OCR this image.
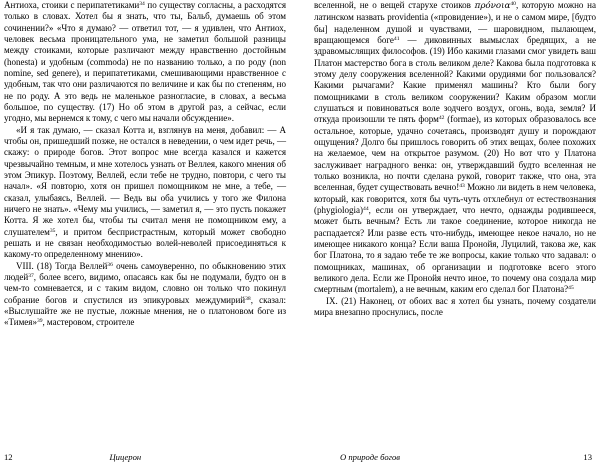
Антиоха, стоики с перипатетиками$^{34}$ по существу согласны, а расходятся только в словах. Хотел бы я знать, что ты, Бальб, думаешь об этом сочинении?» «Что я думаю? — ответил тот, — я удивлен, что Антиох, человек весьма проницательного ума, не заметил большой разницы между стоиками, которые различают между нравственно достойным (honesta) и удобным (commoda) не по названию только, а по роду (non nomine, sed genere), и перипатетиками, смешивающими нравственное с удобным, так что они различаются по величине и как бы по степеням, но не по роду. А это ведь не маленькое разногласие, в словах, а весьма большое, по существу. (17) Но об этом в другой раз, а сейчас, если угодно, мы вернемся к тому, с чего мы начали обсуждение».

«И я так думаю, — сказал Котта и, взглянув на меня, добавил: — А чтобы он, пришедший позже, не остался в неведении, о чем идет речь, — скажу: о природе богов. Этот вопрос мне всегда казался и кажется чрезвычайно темным, и мне хотелось узнать от Веллея, какого мнения об этом Эпикур. Поэтому, Веллей, если тебе не трудно, повтори, с чего ты начал». «Я повторю, хотя он пришел помощником не мне, а тебе, — сказал, улыбаясь, Веллей. — Ведь вы оба учились у того же Филона ничего не знать». «Чему мы учились, — заметил я, — это пусть покажет Котта. Я же хотел бы, чтобы ты считал меня не помощником ему, а слушателем$^{35}$, и притом беспристрастным, который может свободно решать и не связан необходимостью волей-неволей присоединяться к какому-то определенному мнению».

VIII. (18) Тогда Веллей$^{36}$ очень самоуверенно, по обыкновению этих людей$^{37}$, более всего, видимо, опасаясь как бы не подумали, будто он в чем-то сомневается, и с таким видом, словно он только что покинул собрание богов и спустился из эпикуровых междумирий$^{38}$, сказал: «Выслушайте же не пустые, ложные мнения, не о платоновом боге из «Тимея»$^{39}$, мастеровом, строителе

12	Цицерон

вселенной, не о вещей старухе стоиков πρόνοια$^{40}$, которую можно на латинском назвать providentia («провидение»), и не о самом мире, [будто бы] наделенном душой и чувствами, — шаровидном, пылающем, вращающемся боге$^{41}$ — диковинных вымыслах бредящих, а не здравомыслящих философов. (19) Ибо какими глазами смог увидеть ваш Платон мастерство бога в столь великом деле? Какова была подготовка к этому делу сооружения вселенной? Какими орудиями бог пользовался? Какими рычагами? Какие применял машины? Кто были богу помощниками в столь великом сооружении? Каким образом могли слушаться и повиноваться воле зодчего воздух, огонь, вода, земля? И откуда произошли те пять форм$^{42}$ (formae), из которых образовалось все остальное, которые, удачно сочетаясь, производят душу и порождают ощущения? Долго бы пришлось говорить об этих вещах, более похожих на желаемое, чем на открытое разумом. (20) Но вот что у Платона заслуживает наградного венка: он, утверждавший будто вселенная не только возникла, но почти сделана рукой, говорит также, что она, эта вселенная, будет существовать вечно!$^{43}$ Можно ли видеть в нем человека, который, как говорится, хотя бы чуть-чуть отхлебнул от естествознания (phygiologia)$^{44}$, если он утверждает, что нечто, однажды родившееся, может быть вечным? Есть ли такое соединение, которое никогда не распадается? Или разве есть что-нибудь, имеющее некое начало, но не имеющее никакого конца? Если ваша Пронойя, Луцилий, такова же, как бог Платона, то я задаю тебе те же вопросы, какие только что задавал: о помощниках, машинах, об организации и подготовке всего этого великого дела. Если же Пронойя нечто иное, то почему она создала мир смертным (mortalem), а не вечным, каким его сделал бог Платона?$^{45}$

IX. (21) Наконец, от обоих вас я хотел бы узнать, почему создатели мира внезапно проснулись, после

О природе богов	13
